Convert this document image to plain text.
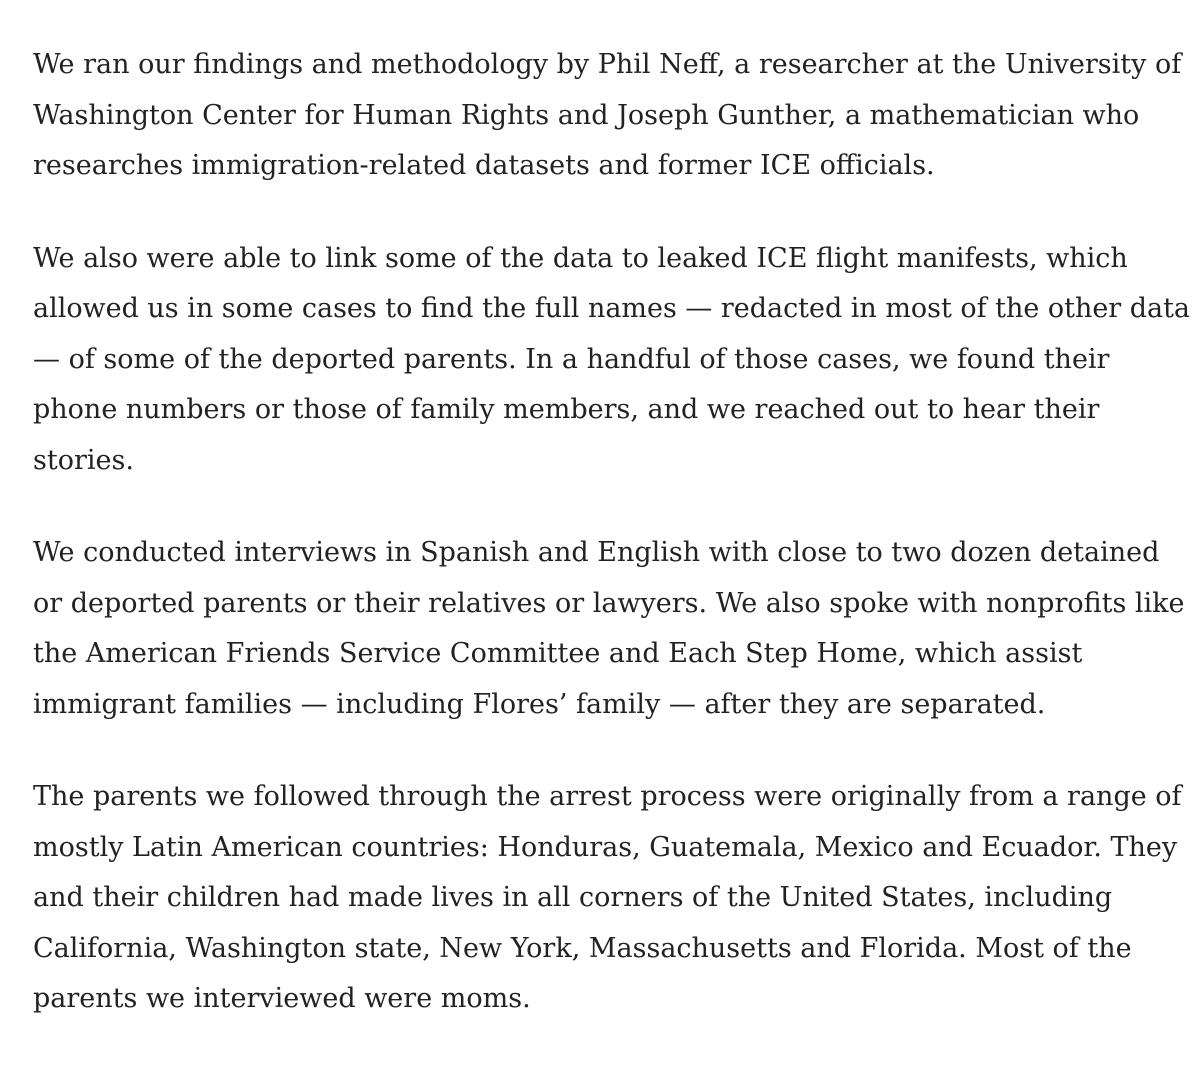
We ran our findings and methodology by Phil Neff, a researcher at the University of
Washington Center for Human Rights and Joseph Gunther, a mathematician who
researches immigration-related datasets and former ICE officials.

We also were able to link some of the data to leaked ICE flight manifests, which
allowed us in some cases to find the full names — redacted in most of the other data
— of some of the deported parents. In a handful of those cases, we found their
phone numbers or those of family members, and we reached out to hear their
stories.

We conducted interviews in Spanish and English with close to two dozen detained
or deported parents or their relatives or lawyers. We also spoke with nonprofits like
the American Friends Service Committee and Each Step Home, which assist
immigrant families — including Flores’ family — after they are separated.

The parents we followed through the arrest process were originally from a range of
mostly Latin American countries: Honduras, Guatemala, Mexico and Ecuador. They
and their children had made lives in all corners of the United States, including
California, Washington state, New York, Massachusetts and Florida. Most of the
parents we interviewed were moms.
